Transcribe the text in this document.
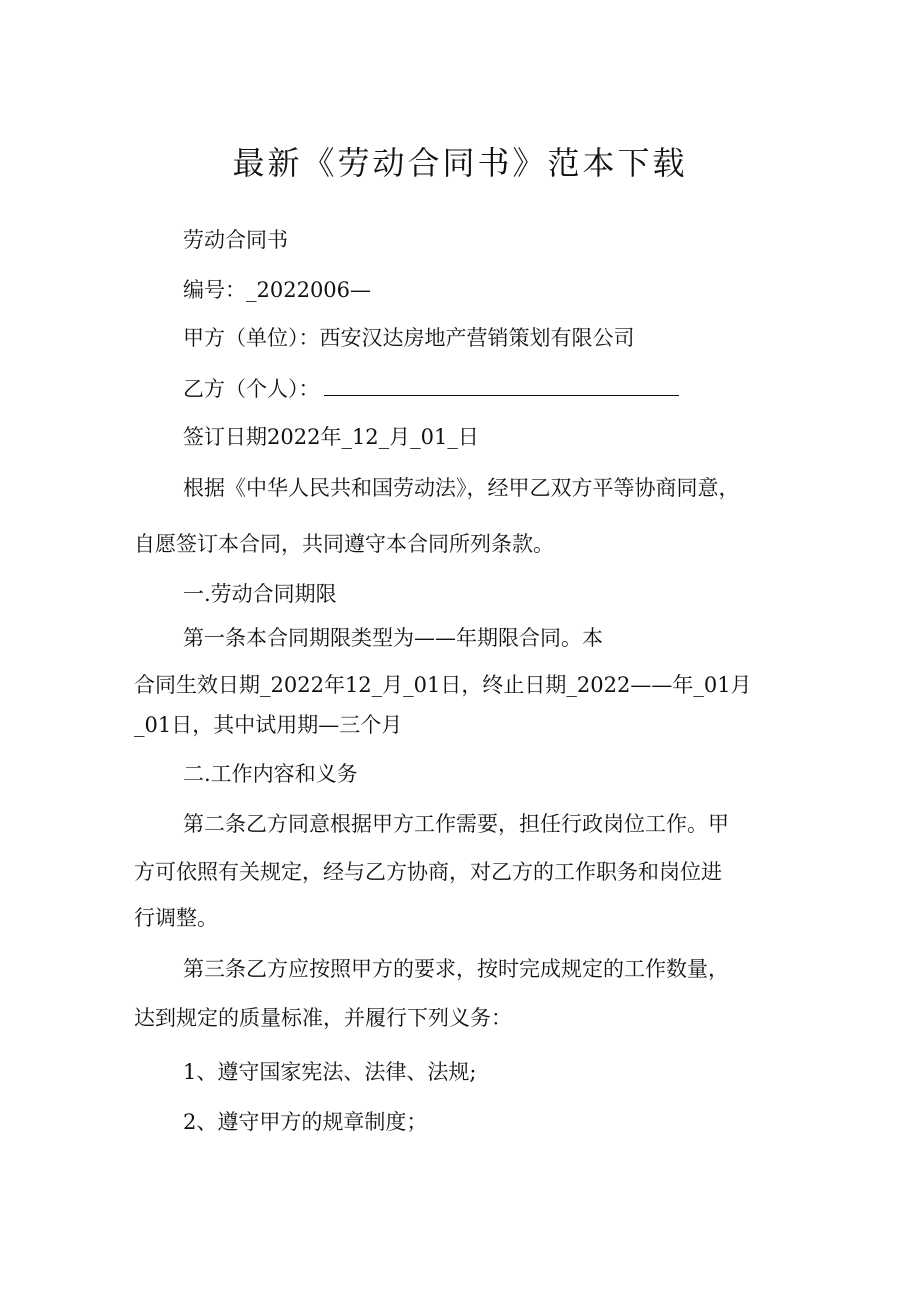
最新《劳动合同书》范本下载
劳动合同书
编号：_2022006—
甲方（单位）：西安汉达房地产营销策划有限公司
乙方（个人）：
签订日期2022年_12_月_01_日
根据《中华人民共和国劳动法》，经甲乙双方平等协商同意，
自愿签订本合同，共同遵守本合同所列条款。
一.劳动合同期限
第一条本合同期限类型为——年期限合同。本
合同生效日期_2022年12_月_01日，终止日期_2022——年_01月
_01日，其中试用期—三个月
二.工作内容和义务
第二条乙方同意根据甲方工作需要，担任行政岗位工作。甲
方可依照有关规定，经与乙方协商，对乙方的工作职务和岗位进
行调整。
第三条乙方应按照甲方的要求，按时完成规定的工作数量，
达到规定的质量标准，并履行下列义务：
1、遵守国家宪法、法律、法规;
2、遵守甲方的规章制度；
